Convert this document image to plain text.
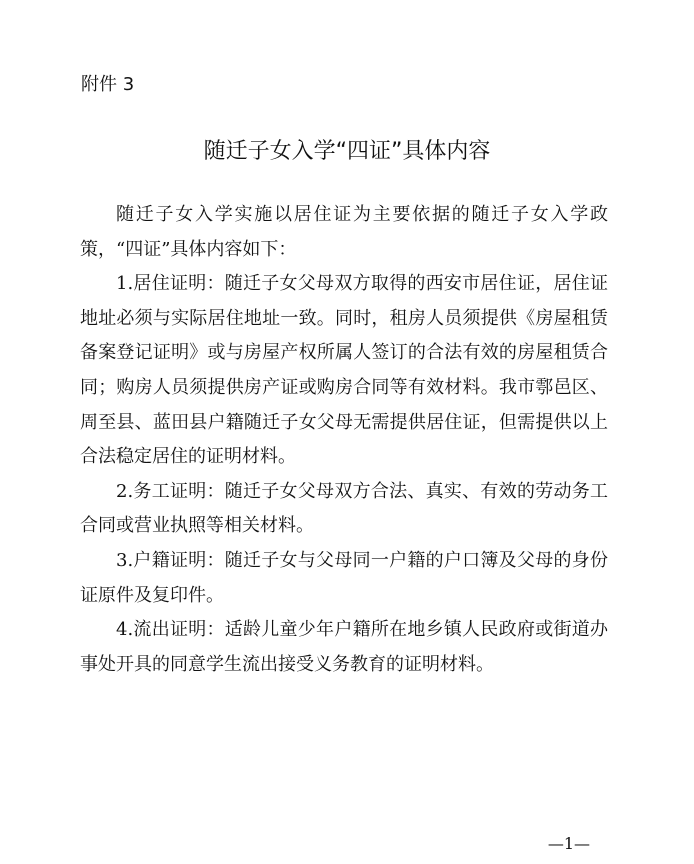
附件 3
随迁子女入学“四证”具体内容

随迁子女入学实施以居住证为主要依据的随迁子女入学政策，“四证”具体内容如下：

1.居住证明：随迁子女父母双方取得的西安市居住证，居住证地址必须与实际居住地址一致。同时，租房人员须提供《房屋租赁备案登记证明》或与房屋产权所属人签订的合法有效的房屋租赁合同；购房人员须提供房产证或购房合同等有效材料。我市鄠邑区、周至县、蓝田县户籍随迁子女父母无需提供居住证，但需提供以上合法稳定居住的证明材料。

2.务工证明：随迁子女父母双方合法、真实、有效的劳动务工合同或营业执照等相关材料。

3.户籍证明：随迁子女与父母同一户籍的户口簿及父母的身份证原件及复印件。

4.流出证明：适龄儿童少年户籍所在地乡镇人民政府或街道办事处开具的同意学生流出接受义务教育的证明材料。

—1—
